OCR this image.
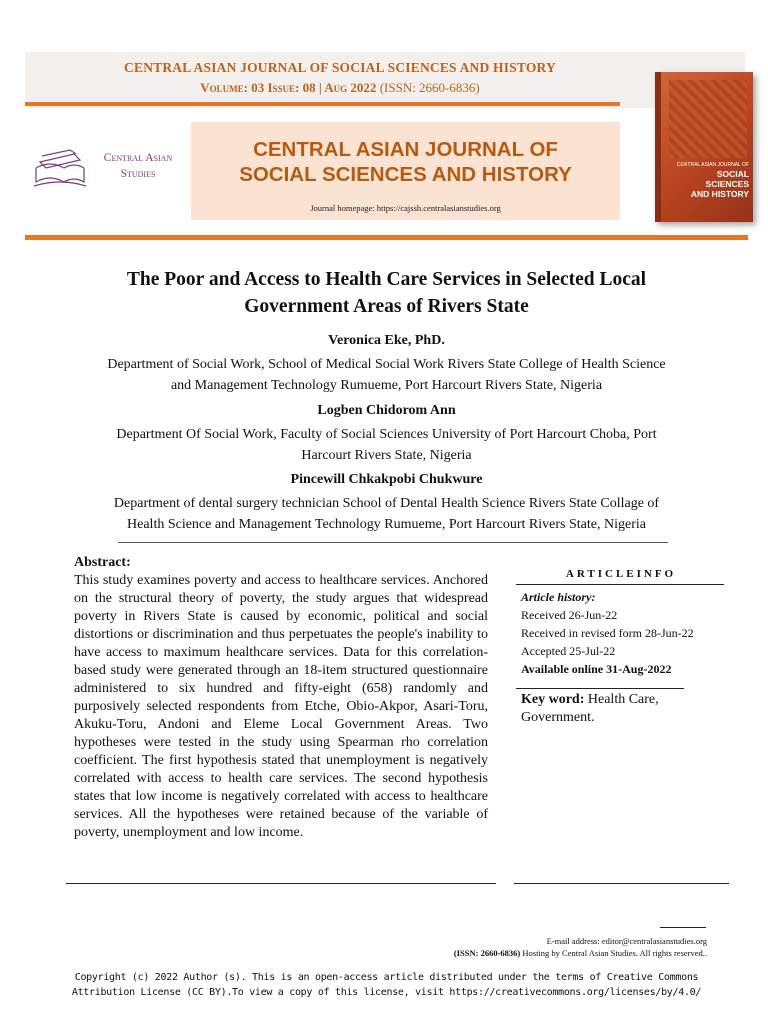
CENTRAL ASIAN JOURNAL OF SOCIAL SCIENCES AND HISTORY
Volume: 03 Issue: 08 | Aug 2022 (ISSN: 2660-6836)
Central Asian
Studies
CENTRAL ASIAN JOURNAL OF
SOCIAL SCIENCES AND HISTORY
Journal homepage: https://cajssh.centralasianstudies.org
CENTRAL ASIAN JOURNAL OF
SOCIAL
SCIENCES
AND HISTORY
The Poor and Access to Health Care Services in Selected Local
Government Areas of Rivers State
Veronica Eke, PhD.
Department of Social Work, School of Medical Social Work Rivers State College of Health Science
and Management Technology Rumueme, Port Harcourt Rivers State, Nigeria
Logben Chidorom Ann
Department Of Social Work, Faculty of Social Sciences University of Port Harcourt Choba, Port
Harcourt Rivers State, Nigeria
Pincewill Chkakpobi Chukwure
Department of dental surgery technician School of Dental Health Science Rivers State Collage of
Health Science and Management Technology Rumueme, Port Harcourt Rivers State, Nigeria
Abstract:
This study examines poverty and access to healthcare services. Anchored on the structural theory of poverty, the study argues that widespread poverty in Rivers State is caused by economic, political and social distortions or discrimination and thus perpetuates the people's inability to have access to maximum healthcare services. Data for this correlation-based study were generated through an 18-item structured questionnaire administered to six hundred and fifty-eight (658) randomly and purposively selected respondents from Etche, Obio-Akpor, Asari-Toru, Akuku-Toru, Andoni and Eleme Local Government Areas. Two hypotheses were tested in the study using Spearman rho correlation coefficient. The first hypothesis stated that unemployment is negatively correlated with access to health care services. The second hypothesis states that low income is negatively correlated with access to healthcare services. All the hypotheses were retained because of the variable of poverty, unemployment and low income.
ARTICLEINFO
Article history:
Received 26-Jun-22
Received in revised form 28-Jun-22
Accepted 25-Jul-22
Available online 31-Aug-2022
Key word: Health Care, Government.
E-mail address: editor@centralasianstudies.org
(ISSN: 2660-6836) Hosting by Central Asian Studies. All rights reserved..
Copyright (c) 2022 Author (s). This is an open-access article distributed under the terms of Creative Commons
Attribution License (CC BY).To view a copy of this license, visit https://creativecommons.org/licenses/by/4.0/
